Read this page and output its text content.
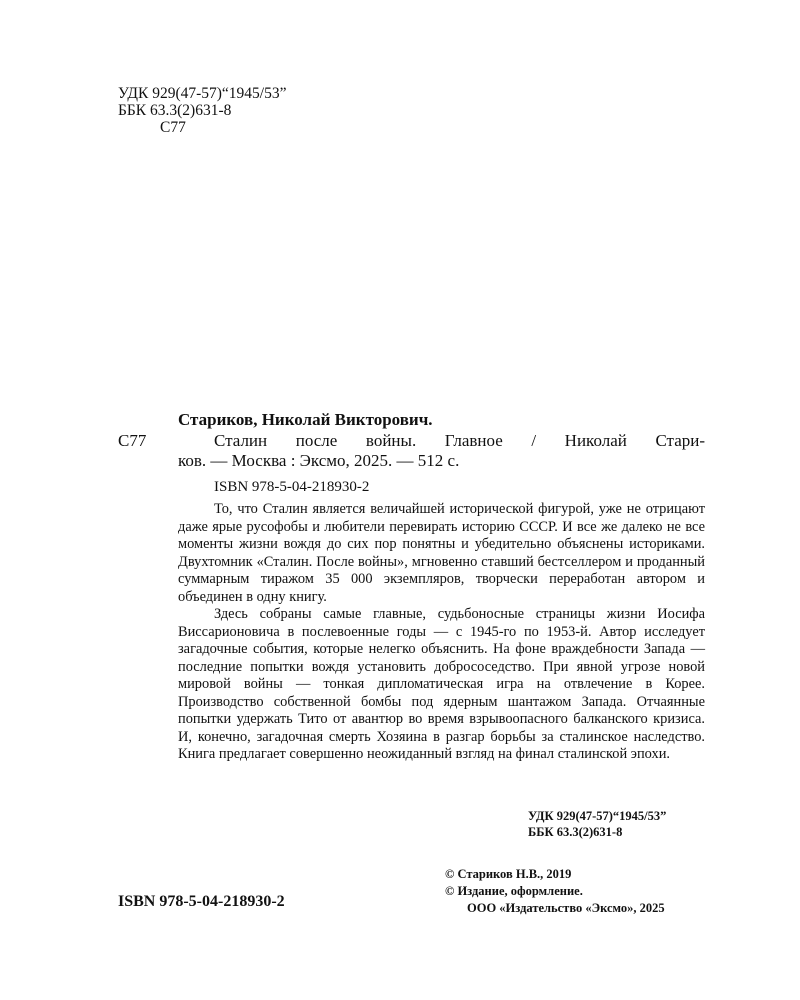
УДК 929(47-57)“1945/53”
ББК 63.3(2)631-8
С77
Стариков, Николай Викторович.
С77	Сталин после войны. Главное / Николай Стари-
ков. — Москва : Эксмо, 2025. — 512 с.
ISBN 978-5-04-218930-2

То, что Сталин является величайшей исторической фигурой, уже не отрицают даже ярые русофобы и любители перевирать историю СССР. И все же далеко не все моменты жизни вождя до сих пор понятны и убедительно объяснены историками. Двухтомник «Сталин. После войны», мгновенно ставший бестселлером и проданный суммарным тиражом 35 000 экземпляров, творчески переработан автором и объединен в одну книгу.

Здесь собраны самые главные, судьбоносные страницы жизни Иосифа Виссарионовича в послевоенные годы — с 1945-го по 1953-й. Автор исследует загадочные события, которые нелегко объяснить. На фоне враждебности Запада — последние попытки вождя установить добрососедство. При явной угрозе новой мировой войны — тонкая дипломатическая игра на отвлечение в Корее. Производство собственной бомбы под ядерным шантажом Запада. Отчаянные попытки удержать Тито от авантюр во время взрывоопасного балканского кризиса. И, конечно, загадочная смерть Хозяина в разгар борьбы за сталинское наследство. Книга предлагает совершенно неожиданный взгляд на финал сталинской эпохи.

УДК 929(47-57)“1945/53”
ББК 63.3(2)631-8
ISBN 978-5-04-218930-2
© Стариков Н.В., 2019
© Издание, оформление.
ООО «Издательство «Эксмо», 2025
